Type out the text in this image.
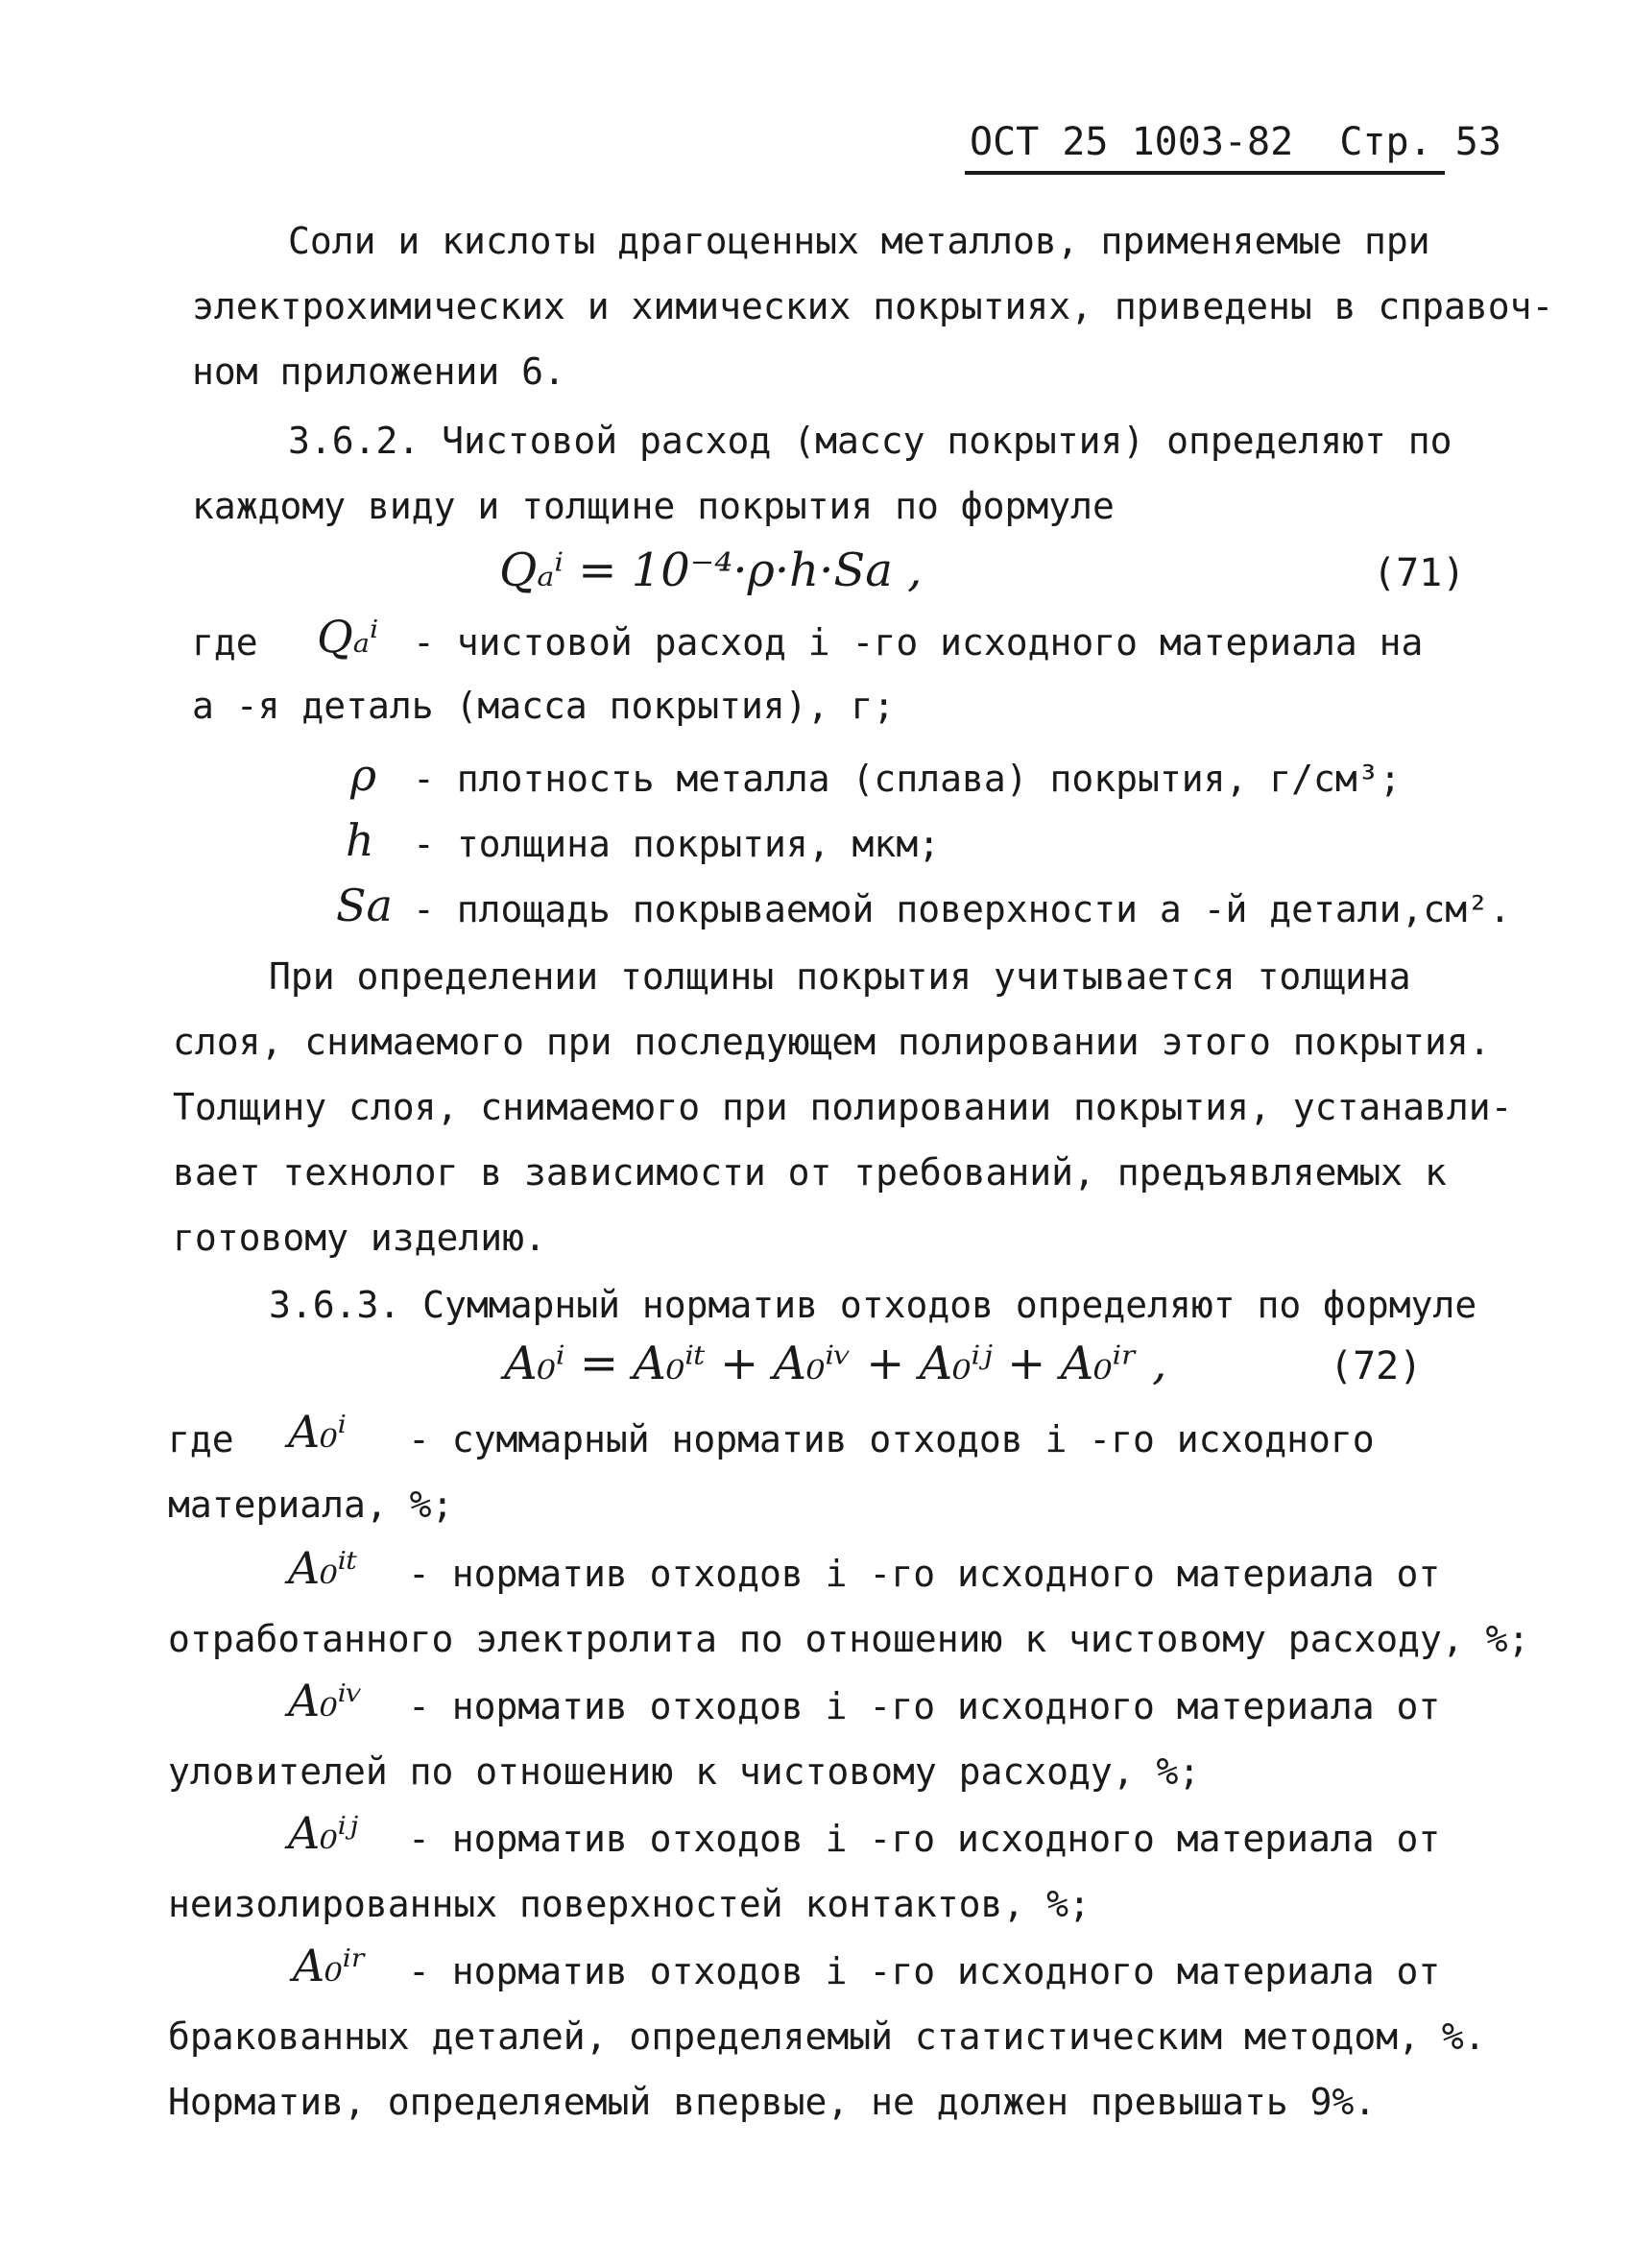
ОСТ 25 1003-82 Стр. 53
Соли и кислоты драгоценных металлов, применяемые при
электрохимических и химических покрытиях, приведены в справоч-
ном приложении 6.
3.6.2. Чистовой расход (массу покрытия) определяют по
каждому виду и толщине покрытия по формуле
Qₐⁱ = 10⁻⁴·ρ·h·Sa ,	(71)
где Qₐⁱ - чистовой расход i -го исходного материала на
a -я деталь (масса покрытия), г;
ρ - плотность металла (сплава) покрытия, г/см³;
h - толщина покрытия, мкм;
Sa - площадь покрываемой поверхности a -й детали,см².
При определении толщины покрытия учитывается толщина
слоя, снимаемого при последующем полировании этого покрытия.
Толщину слоя, снимаемого при полировании покрытия, устанавли-
вает технолог в зависимости от требований, предъявляемых к
готовому изделию.
3.6.3. Суммарный норматив отходов определяют по формуле
A₀ⁱ = A₀ⁱᵗ + A₀ⁱᵛ + A₀ⁱʲ + A₀ⁱʳ ,	(72)
где A₀ⁱ - суммарный норматив отходов i -го исходного
материала, %;
A₀ⁱᵗ - норматив отходов i -го исходного материала от
отработанного электролита по отношению к чистовому расходу, %;
A₀ⁱᵛ - норматив отходов i -го исходного материала от
уловителей по отношению к чистовому расходу, %;
A₀ⁱʲ - норматив отходов i -го исходного материала от
неизолированных поверхностей контактов, %;
A₀ⁱʳ - норматив отходов i -го исходного материала от
бракованных деталей, определяемый статистическим методом, %.
Норматив, определяемый впервые, не должен превышать 9%.
